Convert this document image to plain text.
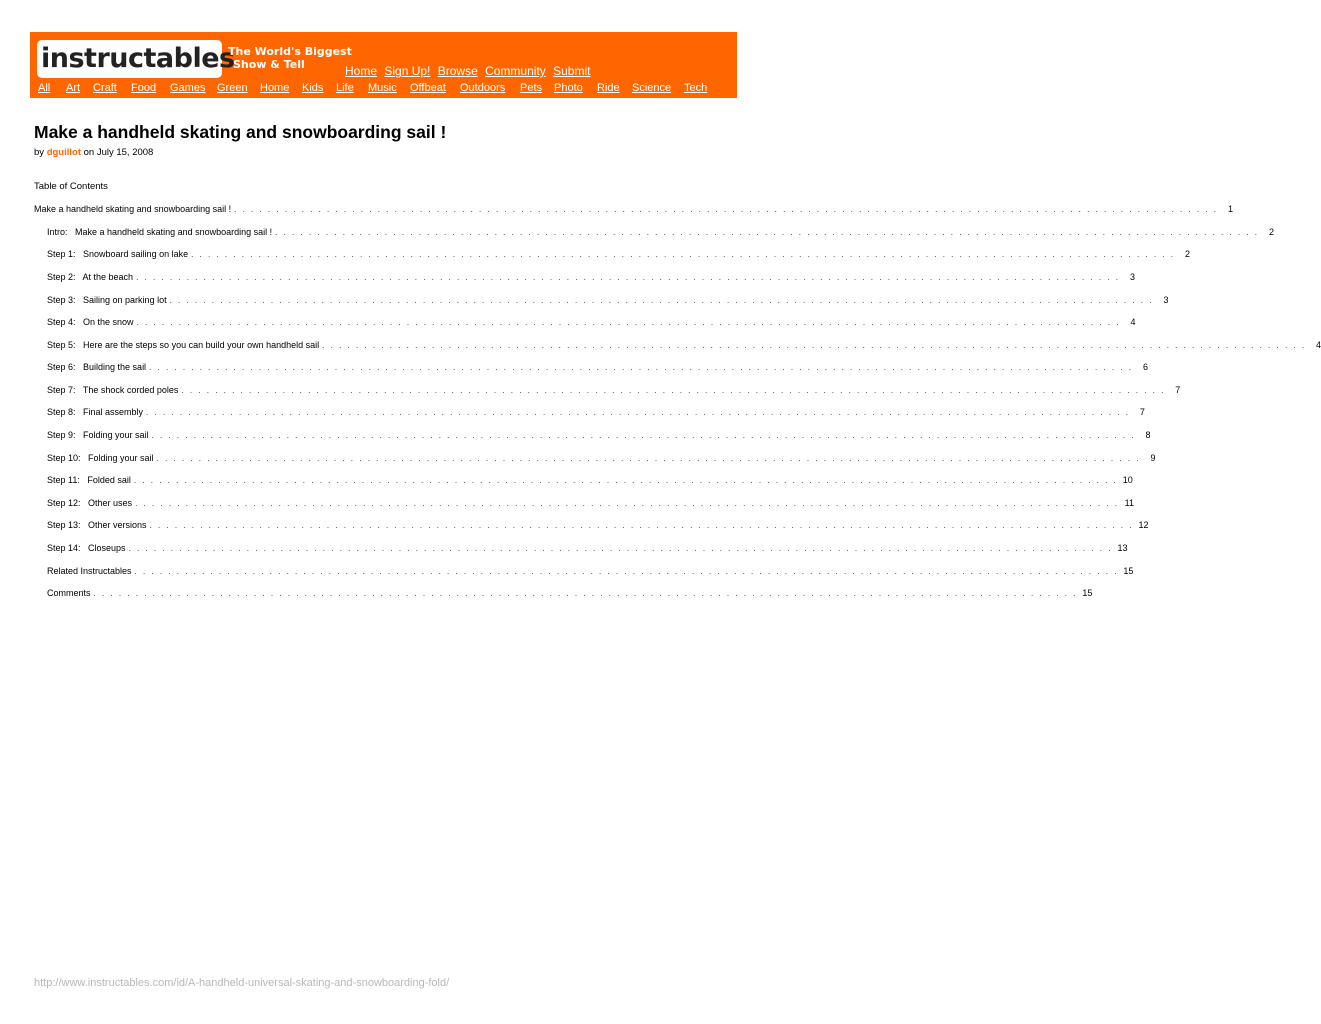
instructables
The World's Biggest
Show & Tell	Home Sign Up! Browse Community Submit
All Art Craft Food Games Green Home Kids Life Music Offbeat Outdoors Pets Photo Ride Science Tech
Make a handheld skating and snowboarding sail !
by dguillot on July 15, 2008
Table of Contents
Make a handheld skating and snowboarding sail ! . . . . . . . . . . . . . . . . . . . . . . . . . . . . . . . . . . . . . . . . . . . . . . . . . . . . . . . . . . . . . . . . . . . . . . . . . . . . . . . . . . . . . . . . . . . . . . . . . . . . . . . . . . . . . . . . . . . . .	1
Intro:   Make a handheld skating and snowboarding sail ! . . . . . . . . . . . . . . . . . . . . . . . . . . . . . . . . . . . . . . . . . . . . . . . . . . . . . . . . . . . . . . . . . . . . . . . . . . . . . . . . . . . . . . . . . . . . . . . . . . . . . . . . . . . . . . . . . . . . .	2
Step 1:   Snowboard sailing on lake . . . . . . . . . . . . . . . . . . . . . . . . . . . . . . . . . . . . . . . . . . . . . . . . . . . . . . . . . . . . . . . . . . . . . . . . . . . . . . . . . . . . . . . . . . . . . . . . . . . . . . . . . . . . . . . . . . . . .	2
Step 2:   At the beach . . . . . . . . . . . . . . . . . . . . . . . . . . . . . . . . . . . . . . . . . . . . . . . . . . . . . . . . . . . . . . . . . . . . . . . . . . . . . . . . . . . . . . . . . . . . . . . . . . . . . . . . . . . . . . . . . . . . .	3
Step 3:   Sailing on parking lot . . . . . . . . . . . . . . . . . . . . . . . . . . . . . . . . . . . . . . . . . . . . . . . . . . . . . . . . . . . . . . . . . . . . . . . . . . . . . . . . . . . . . . . . . . . . . . . . . . . . . . . . . . . . . . . . . . . . .	3
Step 4:   On the snow . . . . . . . . . . . . . . . . . . . . . . . . . . . . . . . . . . . . . . . . . . . . . . . . . . . . . . . . . . . . . . . . . . . . . . . . . . . . . . . . . . . . . . . . . . . . . . . . . . . . . . . . . . . . . . . . . . . . .	4
Step 5:   Here are the steps so you can build your own handheld sail . . . . . . . . . . . . . . . . . . . . . . . . . . . . . . . . . . . . . . . . . . . . . . . . . . . . . . . . . . . . . . . . . . . . . . . . . . . . . . . . . . . . . . . . . . . . . . . . . . . . . . . . . . . . . . . . . . . . .	4
Step 6:   Building the sail . . . . . . . . . . . . . . . . . . . . . . . . . . . . . . . . . . . . . . . . . . . . . . . . . . . . . . . . . . . . . . . . . . . . . . . . . . . . . . . . . . . . . . . . . . . . . . . . . . . . . . . . . . . . . . . . . . . . .	6
Step 7:   The shock corded poles . . . . . . . . . . . . . . . . . . . . . . . . . . . . . . . . . . . . . . . . . . . . . . . . . . . . . . . . . . . . . . . . . . . . . . . . . . . . . . . . . . . . . . . . . . . . . . . . . . . . . . . . . . . . . . . . . . . . .	7
Step 8:   Final assembly . . . . . . . . . . . . . . . . . . . . . . . . . . . . . . . . . . . . . . . . . . . . . . . . . . . . . . . . . . . . . . . . . . . . . . . . . . . . . . . . . . . . . . . . . . . . . . . . . . . . . . . . . . . . . . . . . . . . .	7
Step 9:   Folding your sail . . . . . . . . . . . . . . . . . . . . . . . . . . . . . . . . . . . . . . . . . . . . . . . . . . . . . . . . . . . . . . . . . . . . . . . . . . . . . . . . . . . . . . . . . . . . . . . . . . . . . . . . . . . . . . . . . . . . .	8
Step 10:   Folding your sail . . . . . . . . . . . . . . . . . . . . . . . . . . . . . . . . . . . . . . . . . . . . . . . . . . . . . . . . . . . . . . . . . . . . . . . . . . . . . . . . . . . . . . . . . . . . . . . . . . . . . . . . . . . . . . . . . . . . .	9
Step 11:   Folded sail . . . . . . . . . . . . . . . . . . . . . . . . . . . . . . . . . . . . . . . . . . . . . . . . . . . . . . . . . . . . . . . . . . . . . . . . . . . . . . . . . . . . . . . . . . . . . . . . . . . . . . . . . . . . . . . . . . . . . 10
Step 12:   Other uses . . . . . . . . . . . . . . . . . . . . . . . . . . . . . . . . . . . . . . . . . . . . . . . . . . . . . . . . . . . . . . . . . . . . . . . . . . . . . . . . . . . . . . . . . . . . . . . . . . . . . . . . . . . . . . . . . . . . . 11
Step 13:   Other versions . . . . . . . . . . . . . . . . . . . . . . . . . . . . . . . . . . . . . . . . . . . . . . . . . . . . . . . . . . . . . . . . . . . . . . . . . . . . . . . . . . . . . . . . . . . . . . . . . . . . . . . . . . . . . . . . . . . . . 12
Step 14:   Closeups . . . . . . . . . . . . . . . . . . . . . . . . . . . . . . . . . . . . . . . . . . . . . . . . . . . . . . . . . . . . . . . . . . . . . . . . . . . . . . . . . . . . . . . . . . . . . . . . . . . . . . . . . . . . . . . . . . . . . 13
Related Instructables . . . . . . . . . . . . . . . . . . . . . . . . . . . . . . . . . . . . . . . . . . . . . . . . . . . . . . . . . . . . . . . . . . . . . . . . . . . . . . . . . . . . . . . . . . . . . . . . . . . . . . . . . . . . . . . . . . . . . 15
Comments . . . . . . . . . . . . . . . . . . . . . . . . . . . . . . . . . . . . . . . . . . . . . . . . . . . . . . . . . . . . . . . . . . . . . . . . . . . . . . . . . . . . . . . . . . . . . . . . . . . . . . . . . . . . . . . . . . . . . 15
http://www.instructables.com/id/A-handheld-universal-skating-and-snowboarding-fold/
